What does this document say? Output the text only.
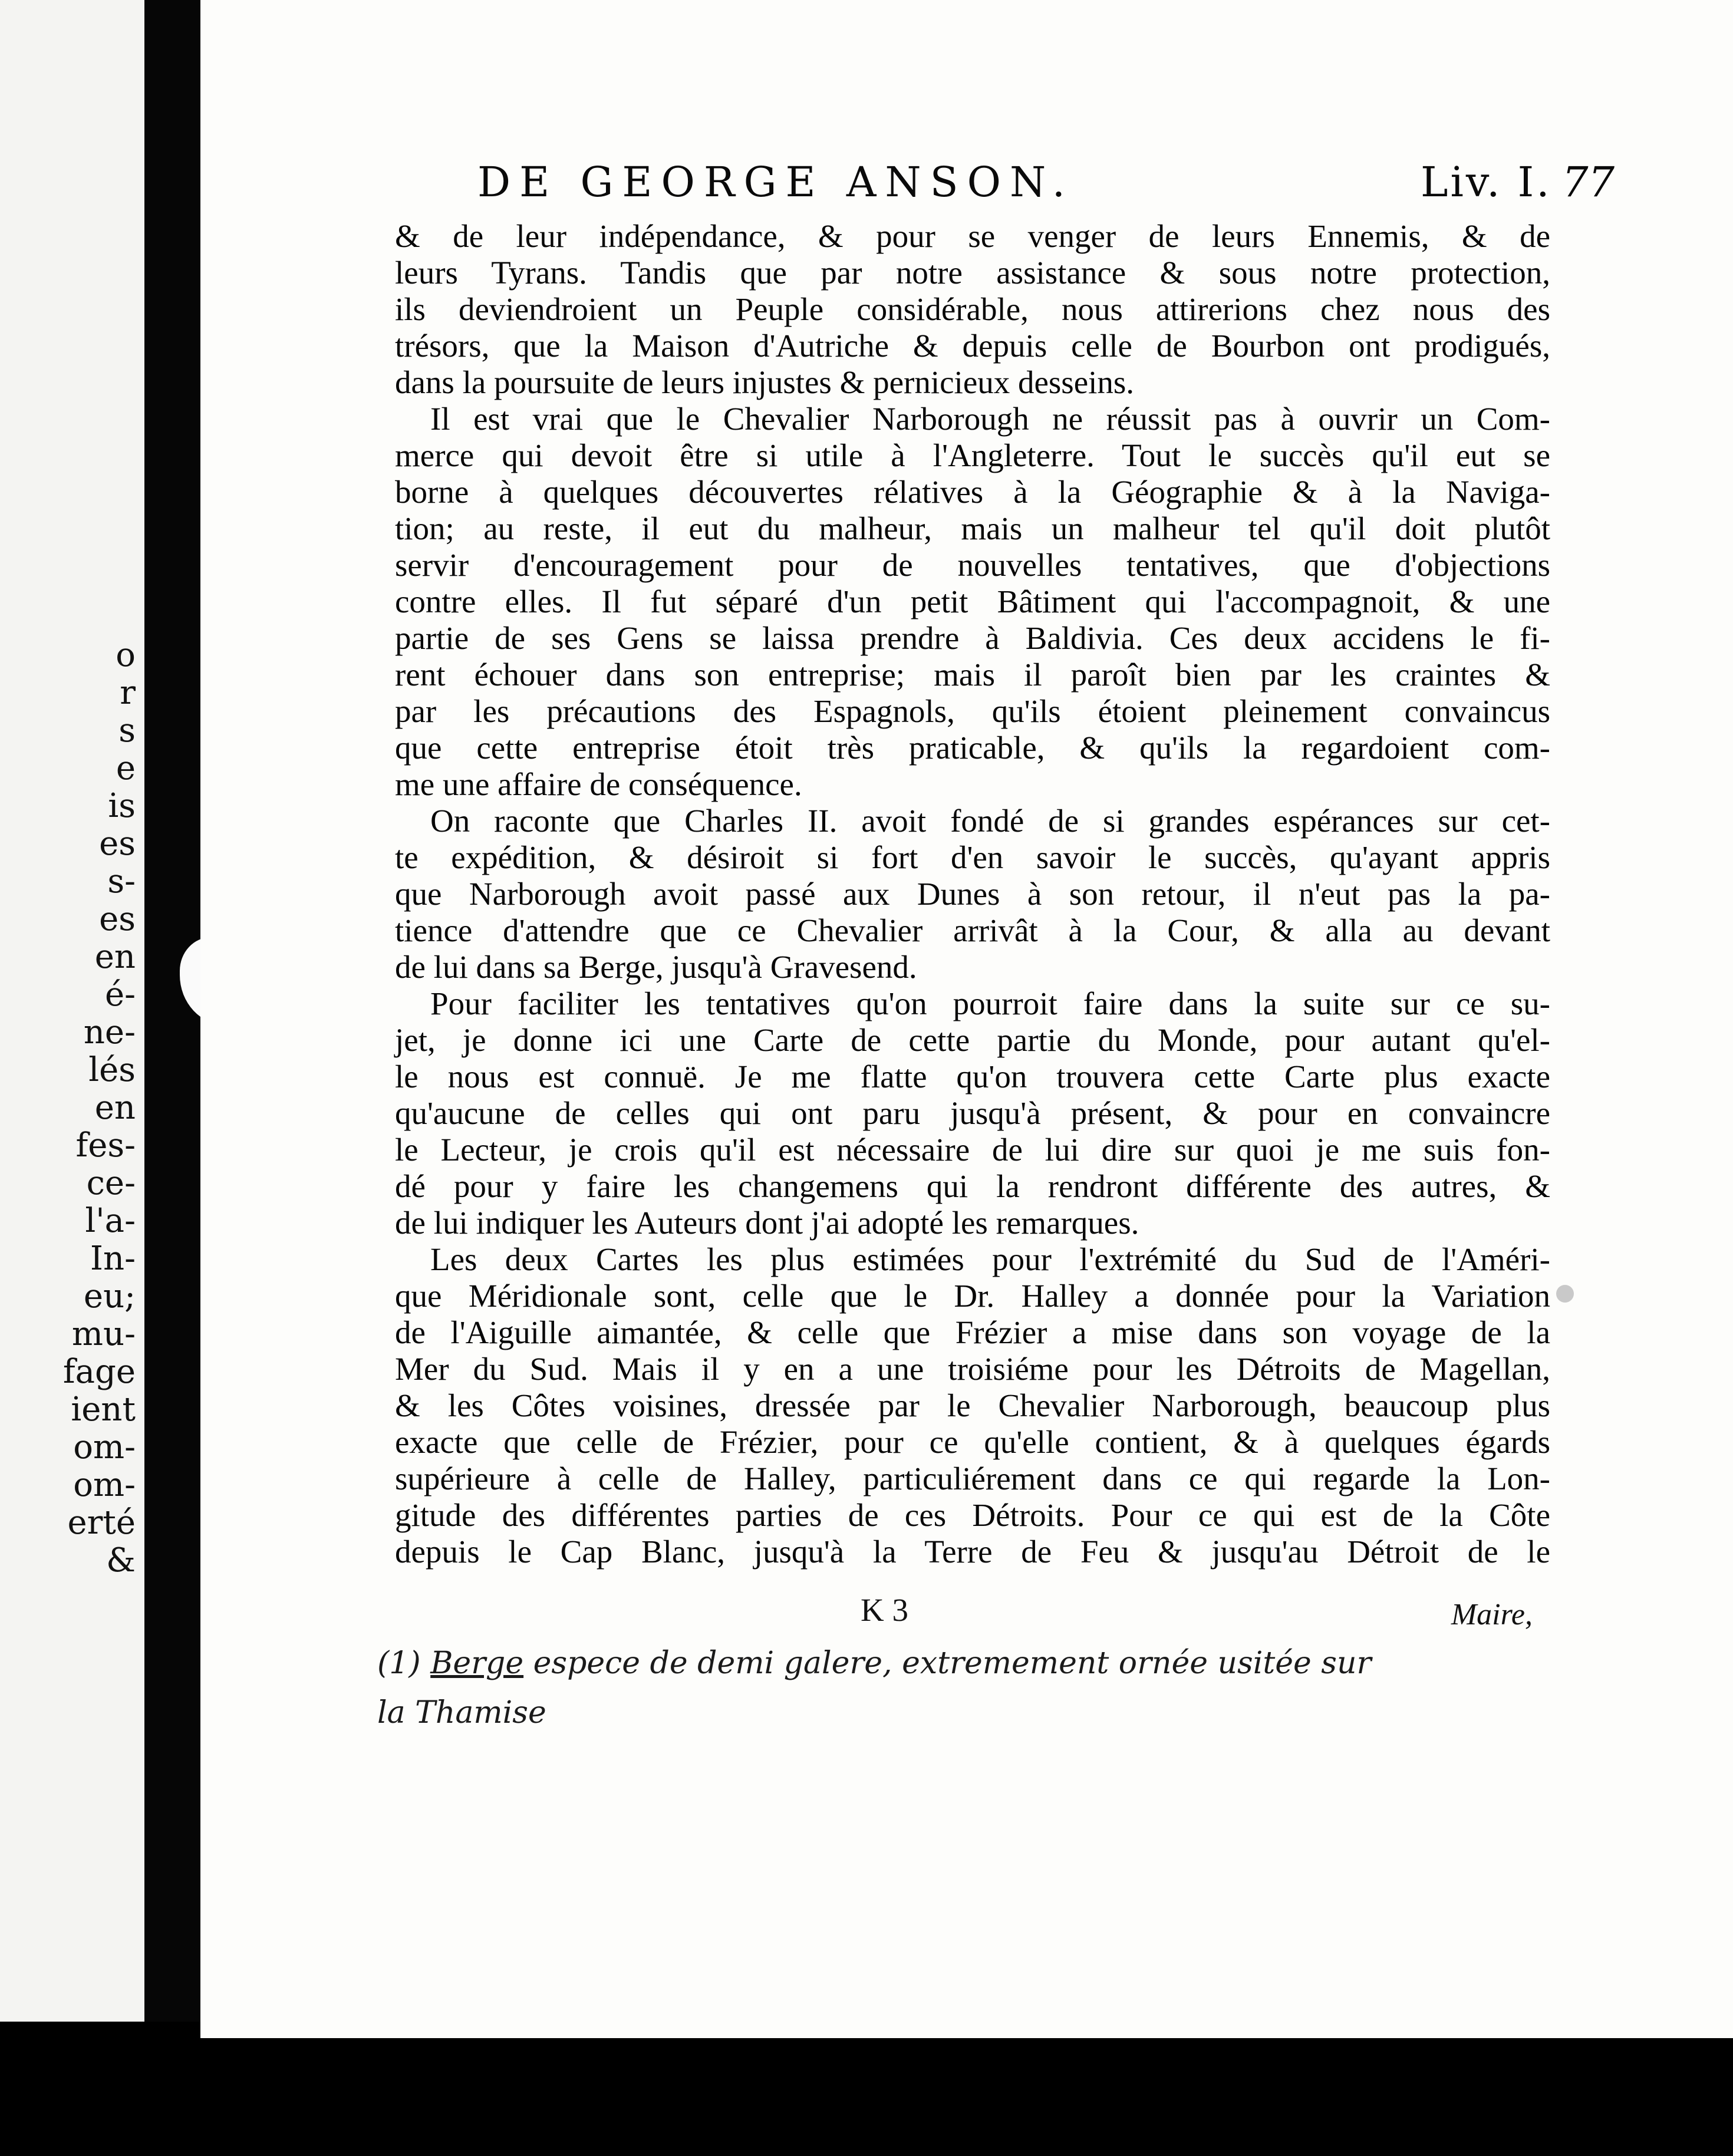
o
r
s
e
is
es
s-
es
en
é-
ne-
lés
en
fes-
ce-
l'a-
In-
eu;
mu-
fage
ient
om-
om-
erté
&
DE GEORGE ANSON.	Liv. I. 77
& de leur indépendance, & pour se venger de leurs Ennemis, & de
leurs Tyrans. Tandis que par notre assistance & sous notre protection,
ils deviendroient un Peuple considérable, nous attirerions chez nous des
trésors, que la Maison d'Autriche & depuis celle de Bourbon ont prodigués,
dans la poursuite de leurs injustes & pernicieux desseins.
Il est vrai que le Chevalier Narborough ne réussit pas à ouvrir un Com-
merce qui devoit être si utile à l'Angleterre. Tout le succès qu'il eut se
borne à quelques découvertes rélatives à la Géographie & à la Naviga-
tion; au reste, il eut du malheur, mais un malheur tel qu'il doit plutôt
servir d'encouragement pour de nouvelles tentatives, que d'objections
contre elles. Il fut séparé d'un petit Bâtiment qui l'accompagnoit, & une
partie de ses Gens se laissa prendre à Baldivia. Ces deux accidens le fi-
rent échouer dans son entreprise; mais il paroît bien par les craintes &
par les précautions des Espagnols, qu'ils étoient pleinement convaincus
que cette entreprise étoit très praticable, & qu'ils la regardoient com-
me une affaire de conséquence.
On raconte que Charles II. avoit fondé de si grandes espérances sur cet-
te expédition, & désiroit si fort d'en savoir le succès, qu'ayant appris
que Narborough avoit passé aux Dunes à son retour, il n'eut pas la pa-
tience d'attendre que ce Chevalier arrivât à la Cour, & alla au devant
de lui dans sa Berge, jusqu'à Gravesend.
Pour faciliter les tentatives qu'on pourroit faire dans la suite sur ce su-
jet, je donne ici une Carte de cette partie du Monde, pour autant qu'el-
le nous est connuë. Je me flatte qu'on trouvera cette Carte plus exacte
qu'aucune de celles qui ont paru jusqu'à présent, & pour en convaincre
le Lecteur, je crois qu'il est nécessaire de lui dire sur quoi je me suis fon-
dé pour y faire les changemens qui la rendront différente des autres, &
de lui indiquer les Auteurs dont j'ai adopté les remarques.
Les deux Cartes les plus estimées pour l'extrémité du Sud de l'Améri-
que Méridionale sont, celle que le Dr. Halley a donnée pour la Variation
de l'Aiguille aimantée, & celle que Frézier a mise dans son voyage de la
Mer du Sud. Mais il y en a une troisiéme pour les Détroits de Magellan,
& les Côtes voisines, dressée par le Chevalier Narborough, beaucoup plus
exacte que celle de Frézier, pour ce qu'elle contient, & à quelques égards
supérieure à celle de Halley, particuliérement dans ce qui regarde la Lon-
gitude des différentes parties de ces Détroits. Pour ce qui est de la Côte
depuis le Cap Blanc, jusqu'à la Terre de Feu & jusqu'au Détroit de le
K 3	Maire,
(1) Berge espece de demi galere, extremement ornée usitée sur
la Thamise
